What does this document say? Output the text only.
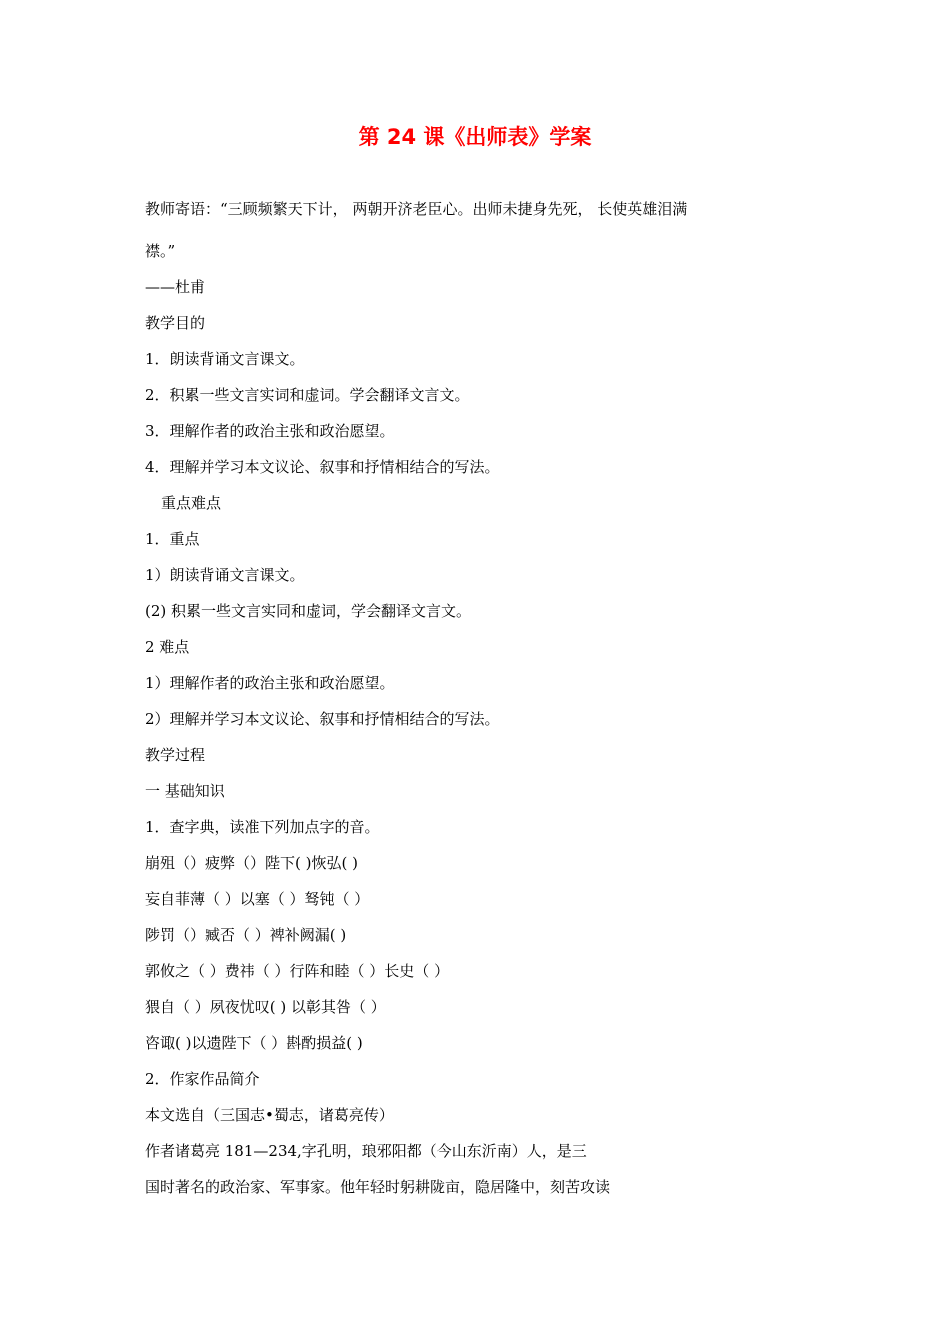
第 24 课《出师表》学案
教师寄语：“三顾频繁天下计， 两朝开济老臣心。出师未捷身先死， 长使英雄泪满
襟。”
——杜甫
教学目的
1．朗读背诵文言课文。
2．积累一些文言实词和虚词。学会翻译文言文。
3．理解作者的政治主张和政治愿望。
4．理解并学习本文议论、叙事和抒情相结合的写法。
重点难点
1．重点
1）朗读背诵文言课文。
(2) 积累一些文言实同和虚词，学会翻译文言文。
2 难点
1）理解作者的政治主张和政治愿望。
2）理解并学习本文议论、叙事和抒情相结合的写法。
教学过程
一 基础知识
1．查字典，读准下列加点字的音。
崩殂（）疲弊（）陛下( )恢弘( )
妄自菲薄（ ）以塞（ ）驽钝（ ）
陟罚（）臧否（ ）裨补阙漏( )
郭攸之（ ）费祎（ ）行阵和睦（ ）长史（ ）
猥自（ ）夙夜忧叹( ) 以彰其咎（ ）
咨诹( )以遗陛下（ ）斟酌损益( )
2．作家作品简介
本文选自（三国志•蜀志，诸葛亮传）
作者诸葛亮 181—234,字孔明，琅邪阳都（今山东沂南）人，是三
国时著名的政治家、军事家。他年轻时躬耕陇亩，隐居隆中，刻苦攻读
